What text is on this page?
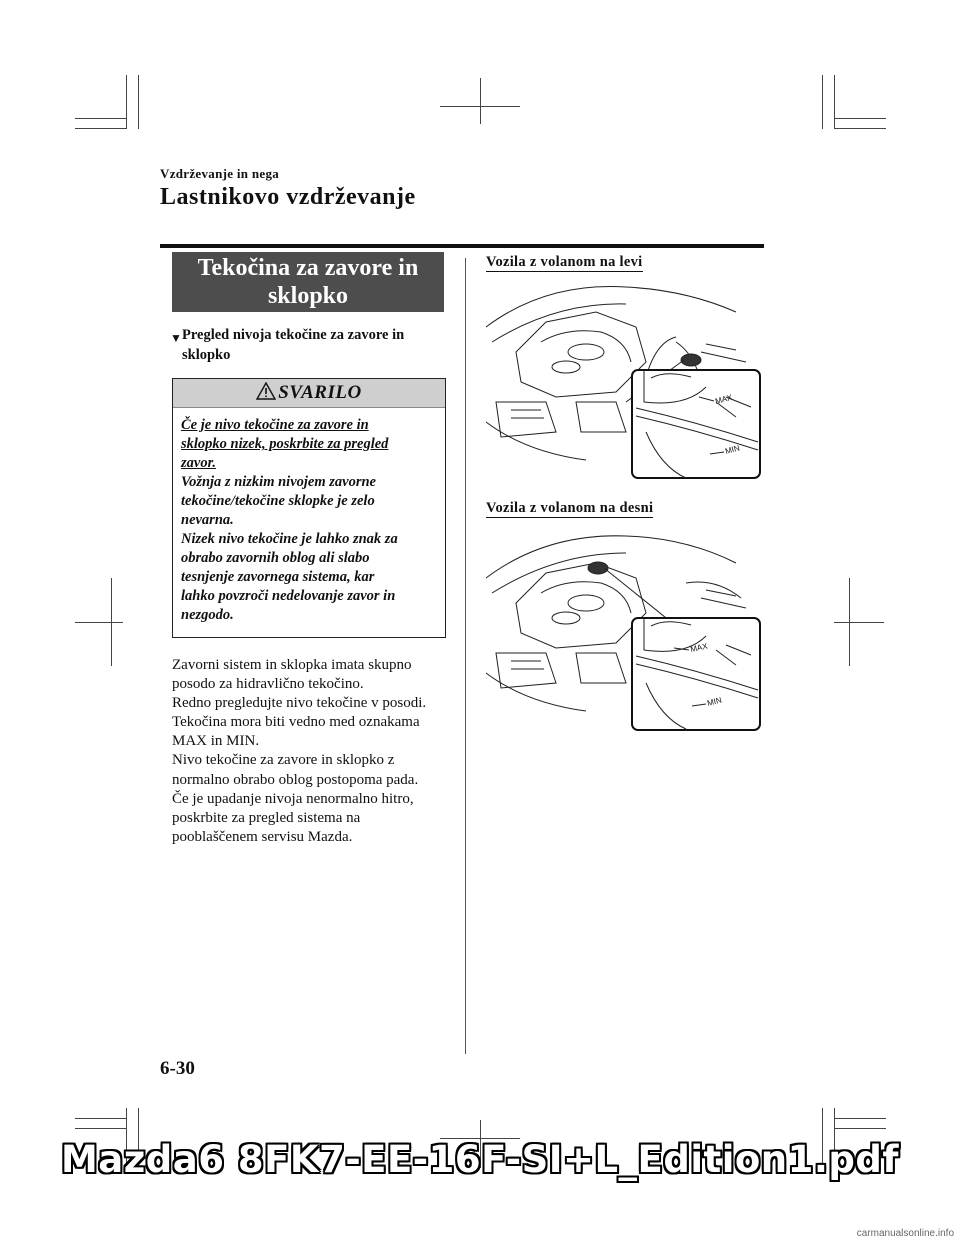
Vzdrževanje in nega
Lastnikovo vzdrževanje
Tekočina za zavore in
sklopko
▼ Pregled nivoja tekočine za zavore in
sklopko
SVARILO
Če je nivo tekočine za zavore in
sklopko nizek, poskrbite za pregled
zavor.
Vožnja z nizkim nivojem zavorne
tekočine/tekočine sklopke je zelo
nevarna.
Nizek nivo tekočine je lahko znak za
obrabo zavornih oblog ali slabo
tesnjenje zavornega sistema, kar
lahko povzroči nedelovanje zavor in
nezgodo.
Zavorni sistem in sklopka imata skupno
posodo za hidravlično tekočino.
Redno pregledujte nivo tekočine v posodi.
Tekočina mora biti vedno med oznakama
MAX in MIN.
Nivo tekočine za zavore in sklopko z
normalno obrabo oblog postopoma pada.
Če je upadanje nivoja nenormalno hitro,
poskrbite za pregled sistema na
pooblaščenem servisu Mazda.
Vozila z volanom na levi
MAX
MIN
Vozila z volanom na desni
MAX
MIN
6-30
Mazda6 8FK7-EE-16F-SI+L_Edition1.pdf
carmanualsonline.info
